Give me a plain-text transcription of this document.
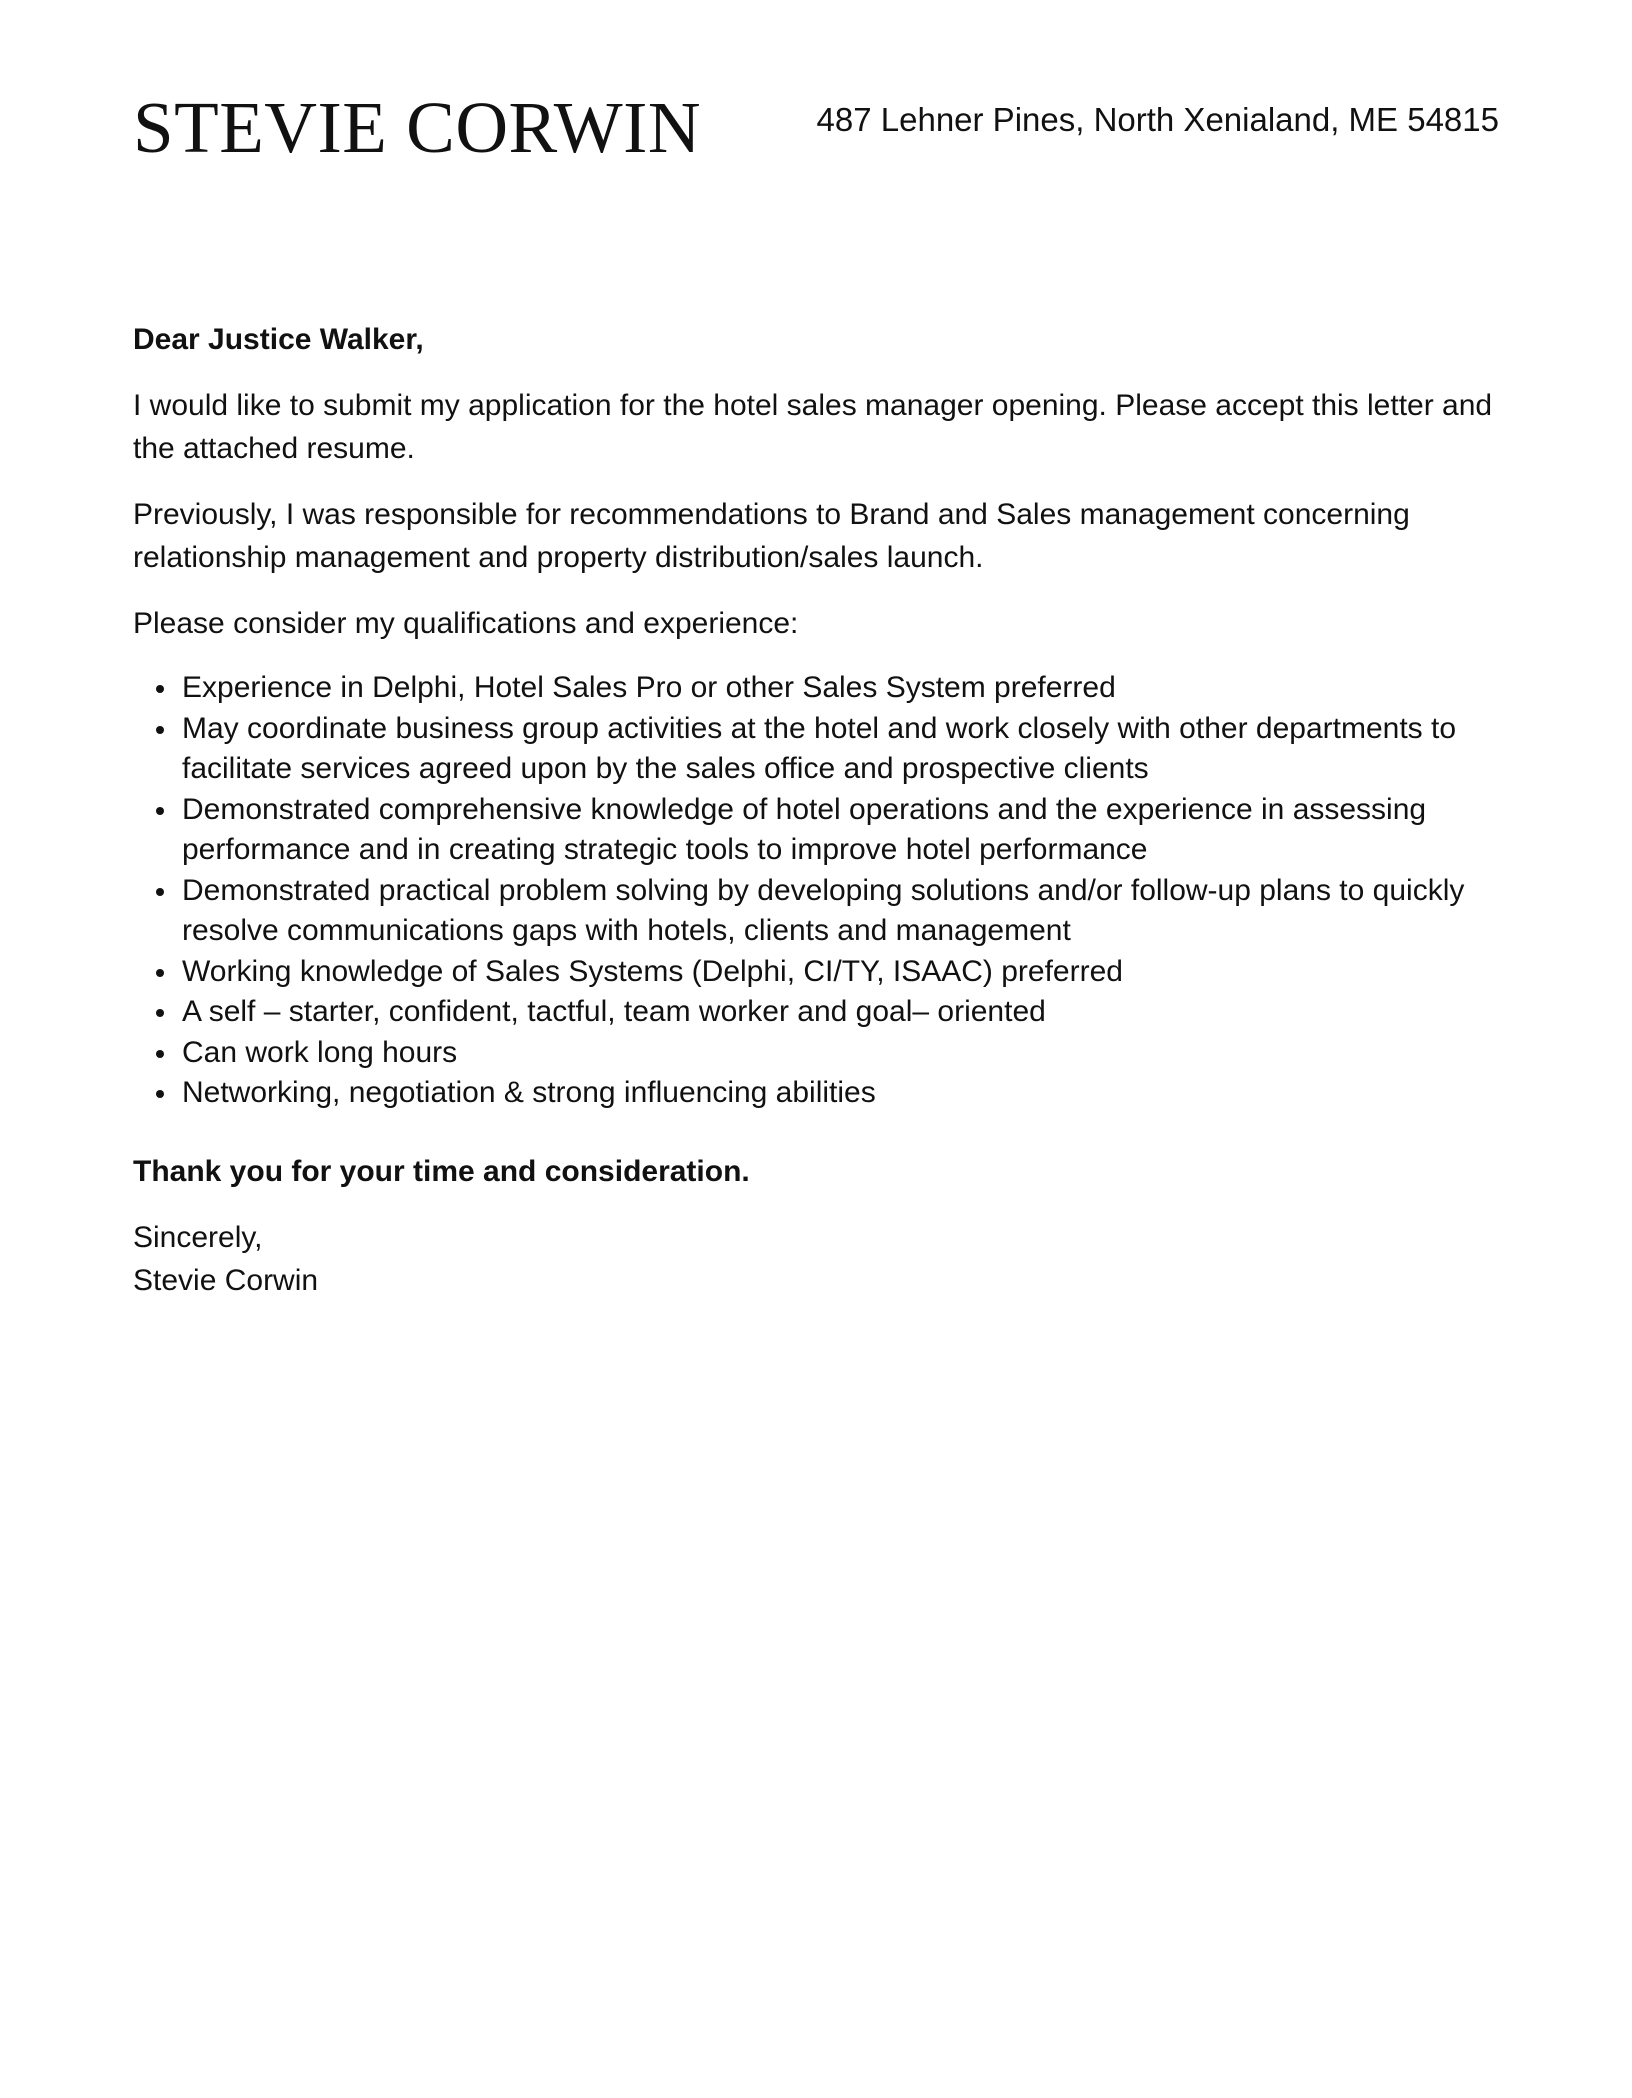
STEVIE CORWIN	487 Lehner Pines, North Xenialand, ME 54815

Dear Justice Walker,

I would like to submit my application for the hotel sales manager opening. Please accept this letter and the attached resume.

Previously, I was responsible for recommendations to Brand and Sales management concerning relationship management and property distribution/sales launch.

Please consider my qualifications and experience:

Experience in Delphi, Hotel Sales Pro or other Sales System preferred
May coordinate business group activities at the hotel and work closely with other departments to facilitate services agreed upon by the sales office and prospective clients
Demonstrated comprehensive knowledge of hotel operations and the experience in assessing performance and in creating strategic tools to improve hotel performance
Demonstrated practical problem solving by developing solutions and/or follow-up plans to quickly resolve communications gaps with hotels, clients and management
Working knowledge of Sales Systems (Delphi, CI/TY, ISAAC) preferred
A self – starter, confident, tactful, team worker and goal– oriented
Can work long hours
Networking, negotiation & strong influencing abilities

Thank you for your time and consideration.

Sincerely,
Stevie Corwin
